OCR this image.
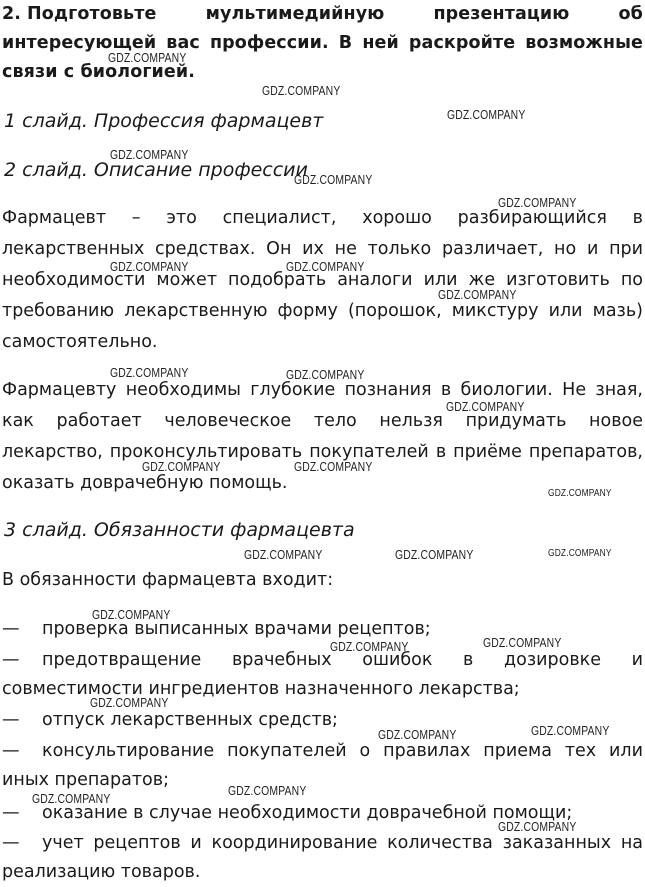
2. Подготовьте мультимедийную презентацию об интересующей вас профессии. В ней раскройте возможные связи с биологией.
1 слайд. Профессия фармацевт
2 слайд. Описание профессии
Фармацевт – это специалист, хорошо разбирающийся в лекарственных средствах. Он их не только различает, но и при необходимости может подобрать аналоги или же изготовить по требованию лекарственную форму (порошок, микстуру или мазь) самостоятельно.
Фармацевту необходимы глубокие познания в биологии. Не зная, как работает человеческое тело нельзя придумать новое лекарство, проконсультировать покупателей в приёме препаратов, оказать доврачебную помощь.
3 слайд. Обязанности фармацевта
В обязанности фармацевта входит:
— проверка выписанных врачами рецептов;
— предотвращение врачебных ошибок в дозировке и совместимости ингредиентов назначенного лекарства;
— отпуск лекарственных средств;
— консультирование покупателей о правилах приема тех или иных препаратов;
— оказание в случае необходимости доврачебной помощи;
— учет рецептов и координирование количества заказанных на реализацию товаров.
GDZ.COMPANY
GDZ.COMPANY
GDZ.COMPANY
GDZ.COMPANY
GDZ.COMPANY
GDZ.COMPANY
GDZ.COMPANY	GDZ.COMPANY
GDZ.COMPANY
GDZ.COMPANY	GDZ.COMPANY
GDZ.COMPANY
GDZ.COMPANY	GDZ.COMPANY
GDZ.COMPANY
GDZ.COMPANY	GDZ.COMPANY	GDZ.COMPANY
GDZ.COMPANY
GDZ.COMPANY	GDZ.COMPANY
GDZ.COMPANY
GDZ.COMPANY	GDZ.COMPANY
GDZ.COMPANY
GDZ.COMPANY
GDZ.COMPANY
